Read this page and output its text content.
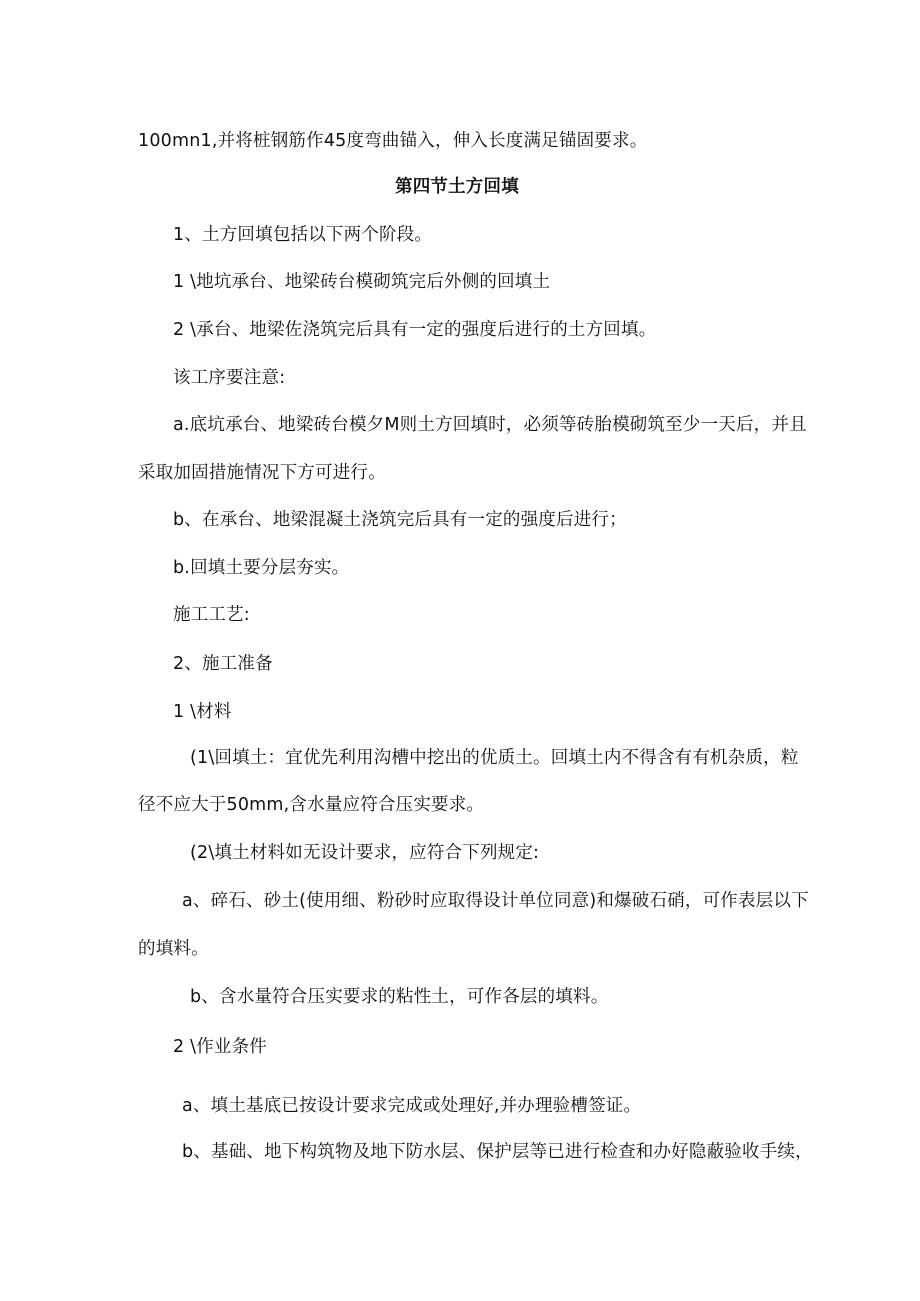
100mn1,并将桩钢筋作45度弯曲锚入，伸入长度满足锚固要求。
第四节土方回填
1、土方回填包括以下两个阶段。
1 \地坑承台、地梁砖台模砌筑完后外侧的回填土
2 \承台、地梁佐浇筑完后具有一定的强度后进行的土方回填。
该工序要注意:
a.底坑承台、地梁砖台模夕M则土方回填时，必须等砖胎模砌筑至少一天后，并且
采取加固措施情况下方可进行。
b、在承台、地梁混凝土浇筑完后具有一定的强度后进行；
b.回填土要分层夯实。
施工工艺:
2、施工准备
1 \材料
(1\回填土：宜优先利用沟槽中挖出的优质土。回填土内不得含有有机杂质，粒
径不应大于50mm,含水量应符合压实要求。
(2\填土材料如无设计要求，应符合下列规定:
a、碎石、砂土(使用细、粉砂时应取得设计单位同意)和爆破石硝，可作表层以下
的填料。
b、含水量符合压实要求的粘性土，可作各层的填料。
2 \作业条件
a、填土基底已按设计要求完成或处理好,并办理验槽签证。
b、基础、地下构筑物及地下防水层、保护层等已进行检查和办好隐蔽验收手续，
